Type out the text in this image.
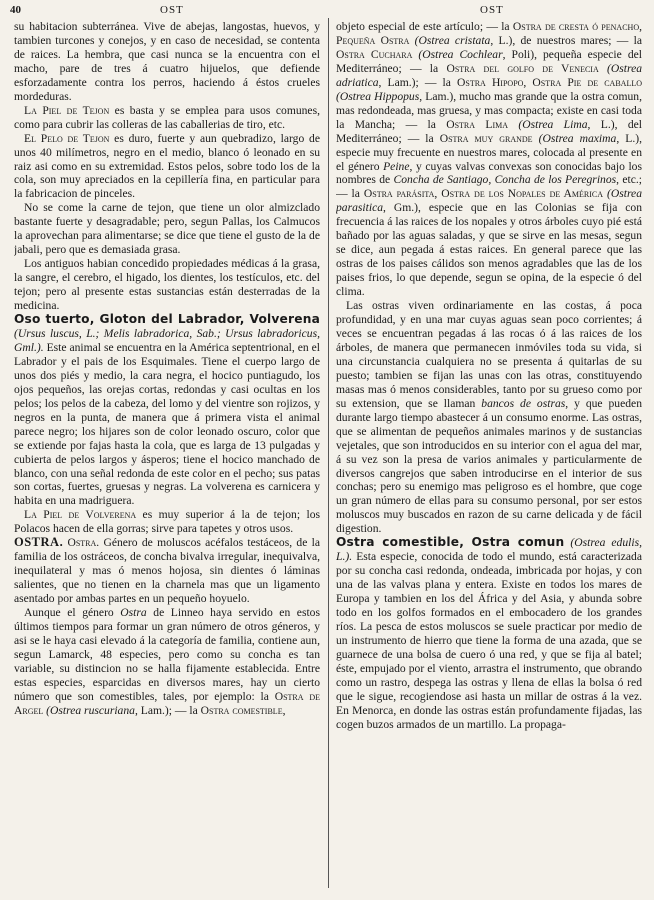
40	OST	OST

su habitacion subterránea. Vive de abejas, langostas, huevos, y tambien turcones y conejos, y en caso de necesidad, se contenta de raices. La hembra, que casi nunca se la encuentra con el macho, pare de tres á cuatro hijuelos, que defiende esforzadamente contra los perros, haciendo á éstos crueles mordeduras.

La Piel de Tejon es basta y se emplea para usos comunes, como para cubrir las colleras de las caballerias de tiro, etc.

El Pelo de Tejon es duro, fuerte y aun quebradizo, largo de unos 40 milímetros, negro en el medio, blanco ó leonado en su raiz asi como en su extremidad. Estos pelos, sobre todo los de la cola, son muy apreciados en la cepillería fina, en particular para la fabricacion de pinceles.

No se come la carne de tejon, que tiene un olor almizclado bastante fuerte y desagradable; pero, segun Pallas, los Calmucos la aprovechan para alimentarse; se dice que tiene el gusto de la de jabali, pero que es demasiada grasa.

Los antiguos habian concedido propiedades médicas á la grasa, la sangre, el cerebro, el higado, los dientes, los testículos, etc. del tejon; pero al presente estas sustancias están desterradas de la medicina.

Oso tuerto, Gloton del Labrador, Volverena (Ursus luscus, L.; Melis labradorica, Sab.; Ursus labradoricus, Gml.). Este animal se encuentra en la América septentrional, en el Labrador y el pais de los Esquimales. Tiene el cuerpo largo de unos dos piés y medio, la cara negra, el hocico puntiagudo, los ojos pequeños, las orejas cortas, redondas y casi ocultas en los pelos; los pelos de la cabeza, del lomo y del vientre son rojizos, y negros en la punta, de manera que á primera vista el animal parece negro; los hijares son de color leonado oscuro, color que se extiende por fajas hasta la cola, que es larga de 13 pulgadas y cubierta de pelos largos y ásperos; tiene el hocico manchado de blanco, con una señal redonda de este color en el pecho; sus patas son cortas, fuertes, gruesas y negras. La volverena es carnicera y habita en una madriguera.

La Piel de Volverena es muy superior á la de tejon; los Polacos hacen de ella gorras; sirve para tapetes y otros usos.

OSTRA. Ostra. Género de moluscos acéfalos testáceos, de la familia de los ostráceos, de concha bivalva irregular, inequivalva, inequilateral y mas ó menos hojosa, sin dientes ó láminas salientes, que no tienen en la charnela mas que un ligamento asentado por ambas partes en un pequeño hoyuelo.

Aunque el género Ostra de Linneo haya servido en estos últimos tiempos para formar un gran número de otros géneros, y asi se le haya casi elevado á la categoría de familia, contiene aun, segun Lamarck, 48 especies, pero como su concha es tan variable, su distincion no se halla fijamente establecida. Entre estas especies, esparcidas en diversos mares, hay un cierto número que son comestibles, tales, por ejemplo: la Ostra de Argel (Ostrea ruscuriana, Lam.); — la Ostra comestible,

objeto especial de este artículo; — la Ostra de cresta ó penacho, Pequeña Ostra (Ostrea cristata, L.), de nuestros mares; — la Ostra Cuchara (Ostrea Cochlear, Poli), pequeña especie del Mediterráneo; — la Ostra del golfo de Venecia (Ostrea adriatica, Lam.); — la Ostra Hipopo, Ostra Pie de caballo (Ostrea Hippopus, Lam.), mucho mas grande que la ostra comun, mas redondeada, mas gruesa, y mas compacta; existe en casi toda la Mancha; — la Ostra Lima (Ostrea Lima, L.), del Mediterráneo; — la Ostra muy grande (Ostrea maxima, L.), especie muy frecuente en nuestros mares, colocada al presente en el género Peine, y cuyas valvas convexas son conocidas bajo los nombres de Concha de Santiago, Concha de los Peregrinos, etc.; — la Ostra parásita, Ostra de los Nopales de América (Ostrea parasitica, Gm.), especie que en las Colonias se fija con frecuencia á las raices de los nopales y otros árboles cuyo pié está bañado por las aguas saladas, y que se sirve en las mesas, segun se dice, aun pegada á estas raices. En general parece que las ostras de los paises cálidos son menos agradables que las de los paises frios, lo que depende, segun se opina, de la especie ó del clima.

Las ostras viven ordinariamente en las costas, á poca profundidad, y en una mar cuyas aguas sean poco corrientes; á veces se encuentran pegadas á las rocas ó á las raices de los árboles, de manera que permanecen inmóviles toda su vida, si una circunstancia cualquiera no se presenta á quitarlas de su puesto; tambien se fijan las unas con las otras, constituyendo masas mas ó menos considerables, tanto por su grueso como por su extension, que se llaman bancos de ostras, y que pueden durante largo tiempo abastecer á un consumo enorme. Las ostras, que se alimentan de pequeños animales marinos y de sustancias vejetales, que son introducidos en su interior con el agua del mar, á su vez son la presa de varios animales y particularmente de diversos cangrejos que saben introducirse en el interior de sus conchas; pero su enemigo mas peligroso es el hombre, que coge un gran número de ellas para su consumo personal, por ser estos moluscos muy buscados en razon de su carne delicada y de fácil digestion.

Ostra comestible, Ostra comun (Ostrea edulis, L.). Esta especie, conocida de todo el mundo, está caracterizada por su concha casi redonda, ondeada, imbricada por hojas, y con una de las valvas plana y entera. Existe en todos los mares de Europa y tambien en los del África y del Asia, y abunda sobre todo en los golfos formados en el embocadero de los grandes ríos. La pesca de estos moluscos se suele practicar por medio de un instrumento de hierro que tiene la forma de una azada, que se guarnece de una bolsa de cuero ó una red, y que se fija al batel; éste, empujado por el viento, arrastra el instrumento, que obrando como un rastro, despega las ostras y llena de ellas la bolsa ó red que le sigue, recogiendose asi hasta un millar de ostras á la vez. En Menorca, en donde las ostras están profundamente fijadas, las cogen buzos armados de un martillo. La propaga-
